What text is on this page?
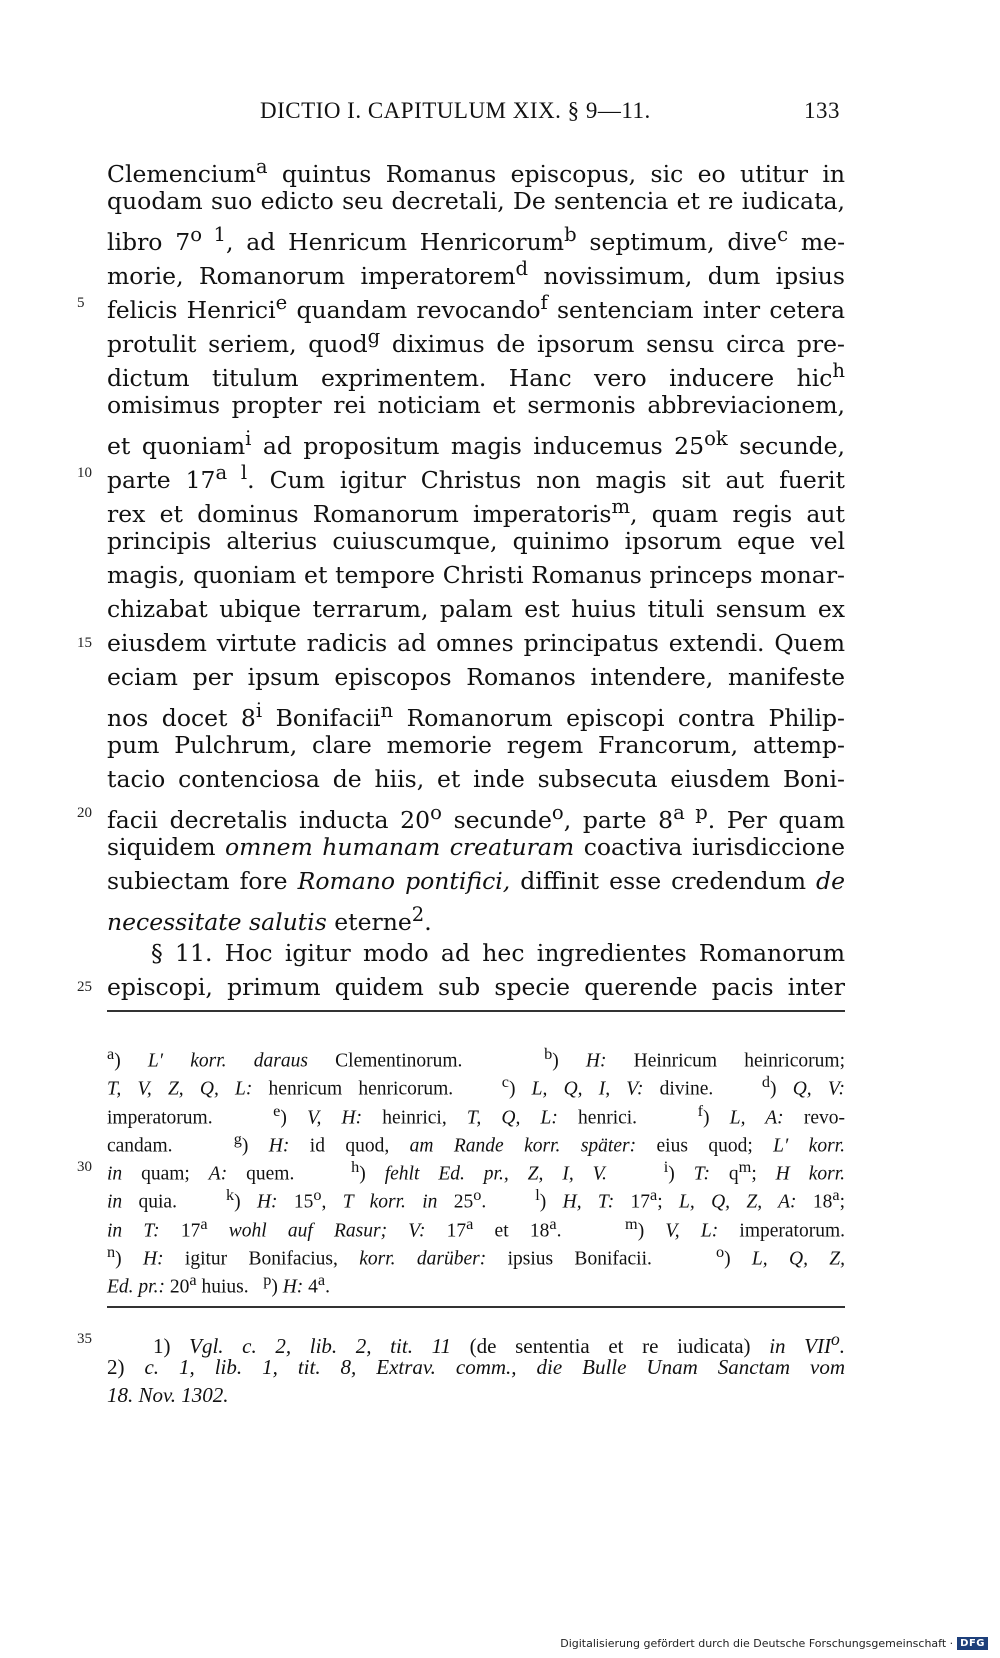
DICTIO I. CAPITULUM XIX. § 9—11.	133
Clemencium$^a$ quintus Romanus episcopus, sic eo utitur in
quodam suo edicto seu decretali, De sentencia et re iudicata,
libro $7^{o 1}$, ad Henricum Henricorum$^b$ septimum, dive$^c$ me-
morie, Romanorum imperatorem$^d$ novissimum, dum ipsius
felicis Henrici$^e$ quandam revocando$^f$ sentenciam inter cetera
5
protulit seriem, quod$^g$ diximus de ipsorum sensu circa pre-
dictum titulum exprimentem. Hanc vero inducere hic$^h$
omisimus propter rei noticiam et sermonis abbreviacionem,
et quoniam$^i$ ad propositum magis inducemus $25^{ok}$ secunde,
parte $17^{a l}$. Cum igitur Christus non magis sit aut fuerit
10
rex et dominus Romanorum imperatoris$^m$, quam regis aut
principis alterius cuiuscumque, quinimo ipsorum eque vel
magis, quoniam et tempore Christi Romanus princeps monar-
chizabat ubique terrarum, palam est huius tituli sensum ex
eiusdem virtute radicis ad omnes principatus extendi. Quem
15
eciam per ipsum episcopos Romanos intendere, manifeste
nos docet 8$^i$ Bonifacii$^n$ Romanorum episcopi contra Philip-
pum Pulchrum, clare memorie regem Francorum, attemp-
tacio contenciosa de hiis, et inde subsecuta eiusdem Boni-
facii decretalis inducta 20$^o$ secunde$^o$, parte $8^{a p}$. Per quam
20
siquidem omnem humanam creaturam coactiva iurisdiccione
subiectam fore Romano pontifici, diffinit esse credendum de
necessitate salutis eterne$^2$.
§ 11. Hoc igitur modo ad hec ingredientes Romanorum
episcopi, primum quidem sub specie querende pacis inter
25
$^a$) L′ korr. daraus Clementinorum.   $^b$) H: Heinricum heinricorum;
T, V, Z, Q, L: henricum henricorum.   $^c$) L, Q, I, V: divine.   $^d$) Q, V:
imperatorum.   $^e$) V, H: heinrici, T, Q, L: henrici.   $^f$) L, A: revo-
candam.   $^g$) H: id quod, am Rande korr. später: eius quod; L′ korr.
in quam; A: quem.   $^h$) fehlt Ed. pr., Z, I, V.	$^i$) T: $q^m$; H korr.
30
in quia.   $^k$) H: 15$^o$, T korr. in 25$^o$.   $^l$) H, T: 17$^a$; L, Q, Z, A: 18$^a$;
in T: 17$^a$ wohl auf Rasur; V: 17$^a$ et 18$^a$.   $^m$) V, L: imperatorum.
$^n$) H: igitur Bonifacius, korr. darüber: ipsius Bonifacii.   $^o$) L, Q, Z,
Ed. pr.: 20$^a$ huius.   $^p$) H: 4$^a$.
1) Vgl. c. 2, lib. 2, tit. 11 (de sententia et re iudicata) in VII$^o$.
35
2) c. 1, lib. 1, tit. 8, Extrav. comm., die Bulle Unam Sanctam vom
18. Nov. 1302.
Digitalisierung gefördert durch die Deutsche Forschungsgemeinschaft · DFG
